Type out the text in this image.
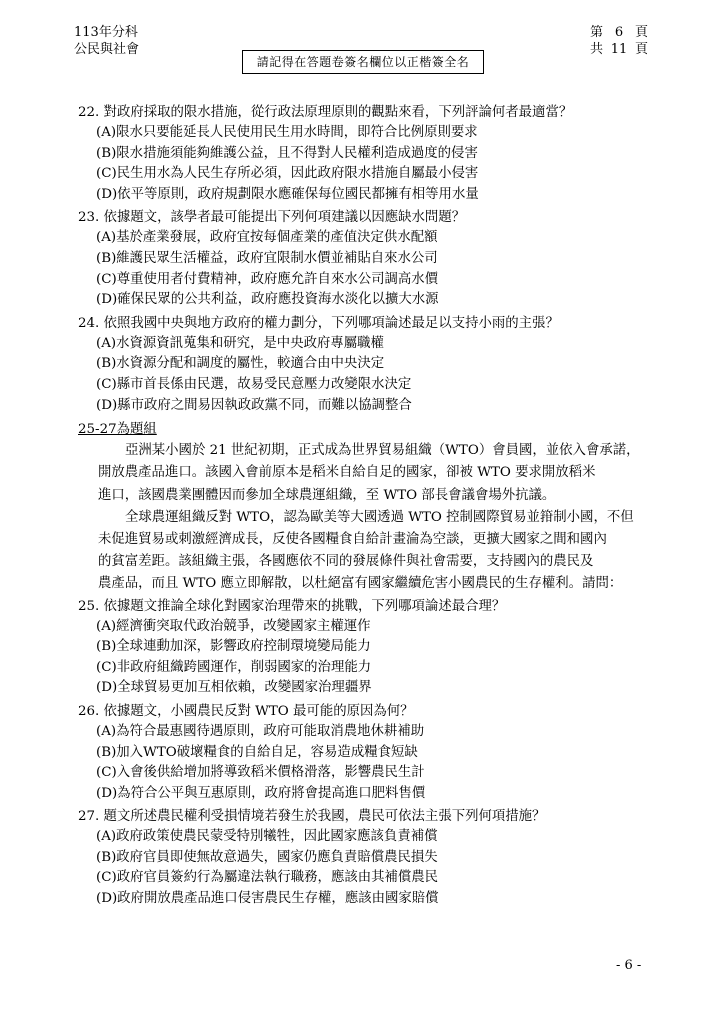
113年分科
公民與社會
請記得在答題卷簽名欄位以正楷簽全名
第 6 頁
共 11 頁
22. 對政府採取的限水措施，從行政法原理原則的觀點來看，下列評論何者最適當？
(A)限水只要能延長人民使用民生用水時間，即符合比例原則要求
(B)限水措施須能夠維護公益，且不得對人民權利造成過度的侵害
(C)民生用水為人民生存所必須，因此政府限水措施自屬最小侵害
(D)依平等原則，政府規劃限水應確保每位國民都擁有相等用水量
23. 依據題文，該學者最可能提出下列何項建議以因應缺水問題？
(A)基於產業發展，政府宜按每個產業的產值決定供水配額
(B)維護民眾生活權益，政府宜限制水價並補貼自來水公司
(C)尊重使用者付費精神，政府應允許自來水公司調高水價
(D)確保民眾的公共利益，政府應投資海水淡化以擴大水源
24. 依照我國中央與地方政府的權力劃分，下列哪項論述最足以支持小雨的主張？
(A)水資源資訊蒐集和研究，是中央政府專屬職權
(B)水資源分配和調度的屬性，較適合由中央決定
(C)縣市首長係由民選，故易受民意壓力改變限水決定
(D)縣市政府之間易因執政政黨不同，而難以協調整合
25-27為題組
亞洲某小國於 21 世紀初期，正式成為世界貿易組織（WTO）會員國，並依入會承諾，
開放農產品進口。該國入會前原本是稻米自給自足的國家，卻被 WTO 要求開放稻米
進口，該國農業團體因而參加全球農運組織，至 WTO 部長會議會場外抗議。
全球農運組織反對 WTO，認為歐美等大國透過 WTO 控制國際貿易並箝制小國，不但
未促進貿易或刺激經濟成長，反使各國糧食自給計畫淪為空談，更擴大國家之間和國內
的貧富差距。該組織主張，各國應依不同的發展條件與社會需要，支持國內的農民及
農產品，而且 WTO 應立即解散，以杜絕富有國家繼續危害小國農民的生存權利。請問：
25. 依據題文推論全球化對國家治理帶來的挑戰，下列哪項論述最合理？
(A)經濟衝突取代政治競爭，改變國家主權運作
(B)全球連動加深，影響政府控制環境變局能力
(C)非政府組織跨國運作，削弱國家的治理能力
(D)全球貿易更加互相依賴，改變國家治理疆界
26. 依據題文，小國農民反對 WTO 最可能的原因為何？
(A)為符合最惠國待遇原則，政府可能取消農地休耕補助
(B)加入WTO破壞糧食的自給自足，容易造成糧食短缺
(C)入會後供給增加將導致稻米價格滑落，影響農民生計
(D)為符合公平與互惠原則，政府將會提高進口肥料售價
27. 題文所述農民權利受損情境若發生於我國，農民可依法主張下列何項措施？
(A)政府政策使農民蒙受特別犧牲，因此國家應該負責補償
(B)政府官員即使無故意過失，國家仍應負責賠償農民損失
(C)政府官員簽約行為屬違法執行職務，應該由其補償農民
(D)政府開放農產品進口侵害農民生存權，應該由國家賠償
- 6 -
